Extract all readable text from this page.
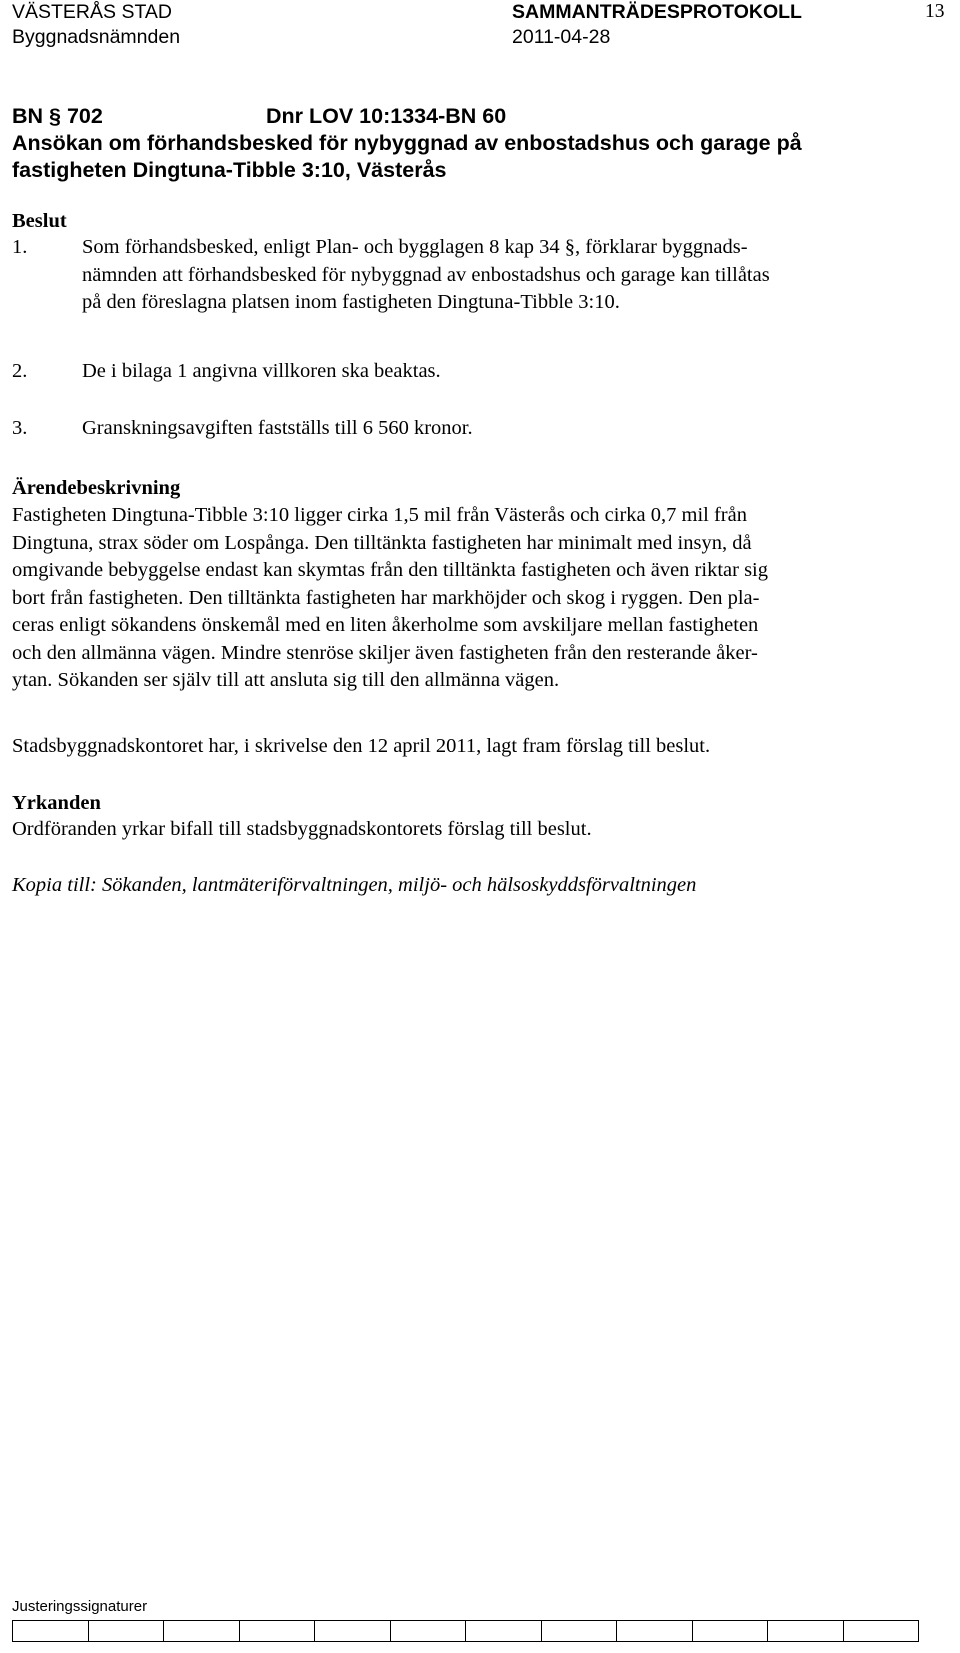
VÄSTERÅS STAD	SAMMANTRÄDESPROTOKOLL	13
Byggnadsnämnden	2011-04-28
BN § 702	Dnr LOV 10:1334-BN 60
Ansökan om förhandsbesked för nybyggnad av enbostadshus och garage på
fastigheten Dingtuna-Tibble 3:10, Västerås
Beslut
1.	Som förhandsbesked, enligt Plan- och bygglagen 8 kap 34 §, förklarar byggnads-
nämnden att förhandsbesked för nybyggnad av enbostadshus och garage kan tillåtas
på den föreslagna platsen inom fastigheten Dingtuna-Tibble 3:10.
2.	De i bilaga 1 angivna villkoren ska beaktas.
3.	Granskningsavgiften fastställs till 6 560 kronor.
Ärendebeskrivning
Fastigheten Dingtuna-Tibble 3:10 ligger cirka 1,5 mil från Västerås och cirka 0,7 mil från
Dingtuna, strax söder om Lospånga. Den tilltänkta fastigheten har minimalt med insyn, då
omgivande bebyggelse endast kan skymtas från den tilltänkta fastigheten och även riktar sig
bort från fastigheten. Den tilltänkta fastigheten har markhöjder och skog i ryggen. Den pla-
ceras enligt sökandens önskemål med en liten åkerholme som avskiljare mellan fastigheten
och den allmänna vägen. Mindre stenröse skiljer även fastigheten från den resterande åker-
ytan. Sökanden ser själv till att ansluta sig till den allmänna vägen.
Stadsbyggnadskontoret har, i skrivelse den 12 april 2011, lagt fram förslag till beslut.
Yrkanden
Ordföranden yrkar bifall till stadsbyggnadskontorets förslag till beslut.
Kopia till: Sökanden, lantmäteriförvaltningen, miljö- och hälsoskyddsförvaltningen
Justeringssignaturer
